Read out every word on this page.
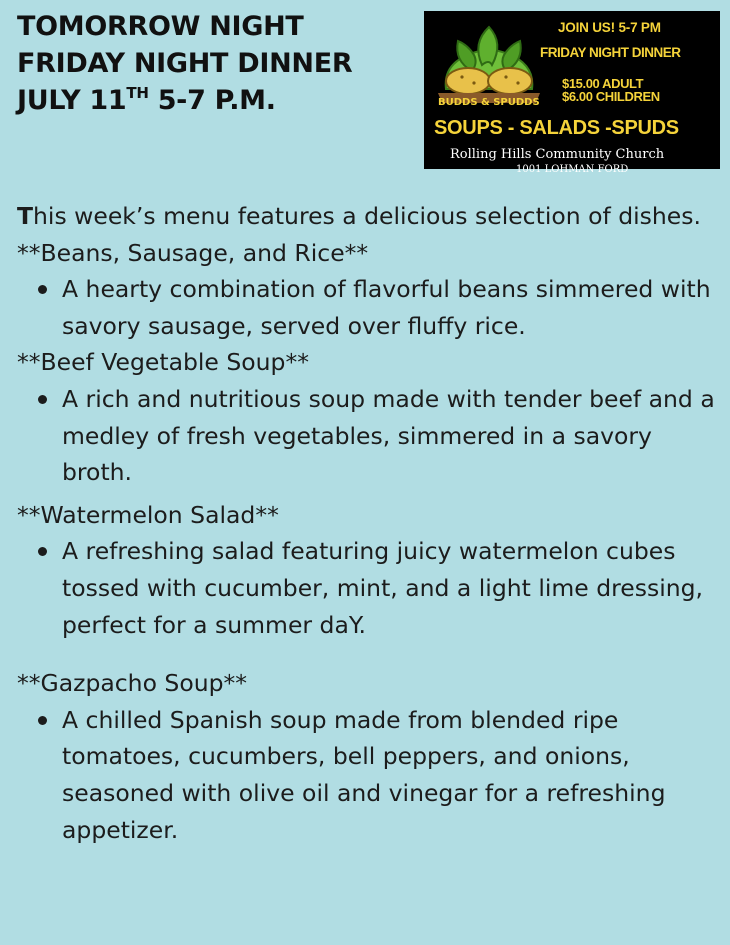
TOMORROW NIGHT
FRIDAY NIGHT DINNER
JULY 11TH 5-7 P.M.	BUDDS & SPUDDS
JOIN US! 5-7 PM
FRIDAY NIGHT DINNER
$15.00 ADULT
$6.00 CHILDREN
SOUPS - SALADS -SPUDS
Rolling Hills Community Church
1001 LOHMAN FORD

This week’s menu features a delicious selection of dishes.

**Beans, Sausage, and Rice**

A hearty combination of flavorful beans simmered with savory sausage, served over fluffy rice.

**Beef Vegetable Soup**

A rich and nutritious soup made with tender beef and a medley of fresh vegetables, simmered in a savory broth.

**Watermelon Salad**

A refreshing salad featuring juicy watermelon cubes tossed with cucumber, mint, and a light lime dressing, perfect for a summer daY.

**Gazpacho Soup**

A chilled Spanish soup made from blended ripe tomatoes, cucumbers, bell peppers, and onions, seasoned with olive oil and vinegar for a refreshing appetizer.
